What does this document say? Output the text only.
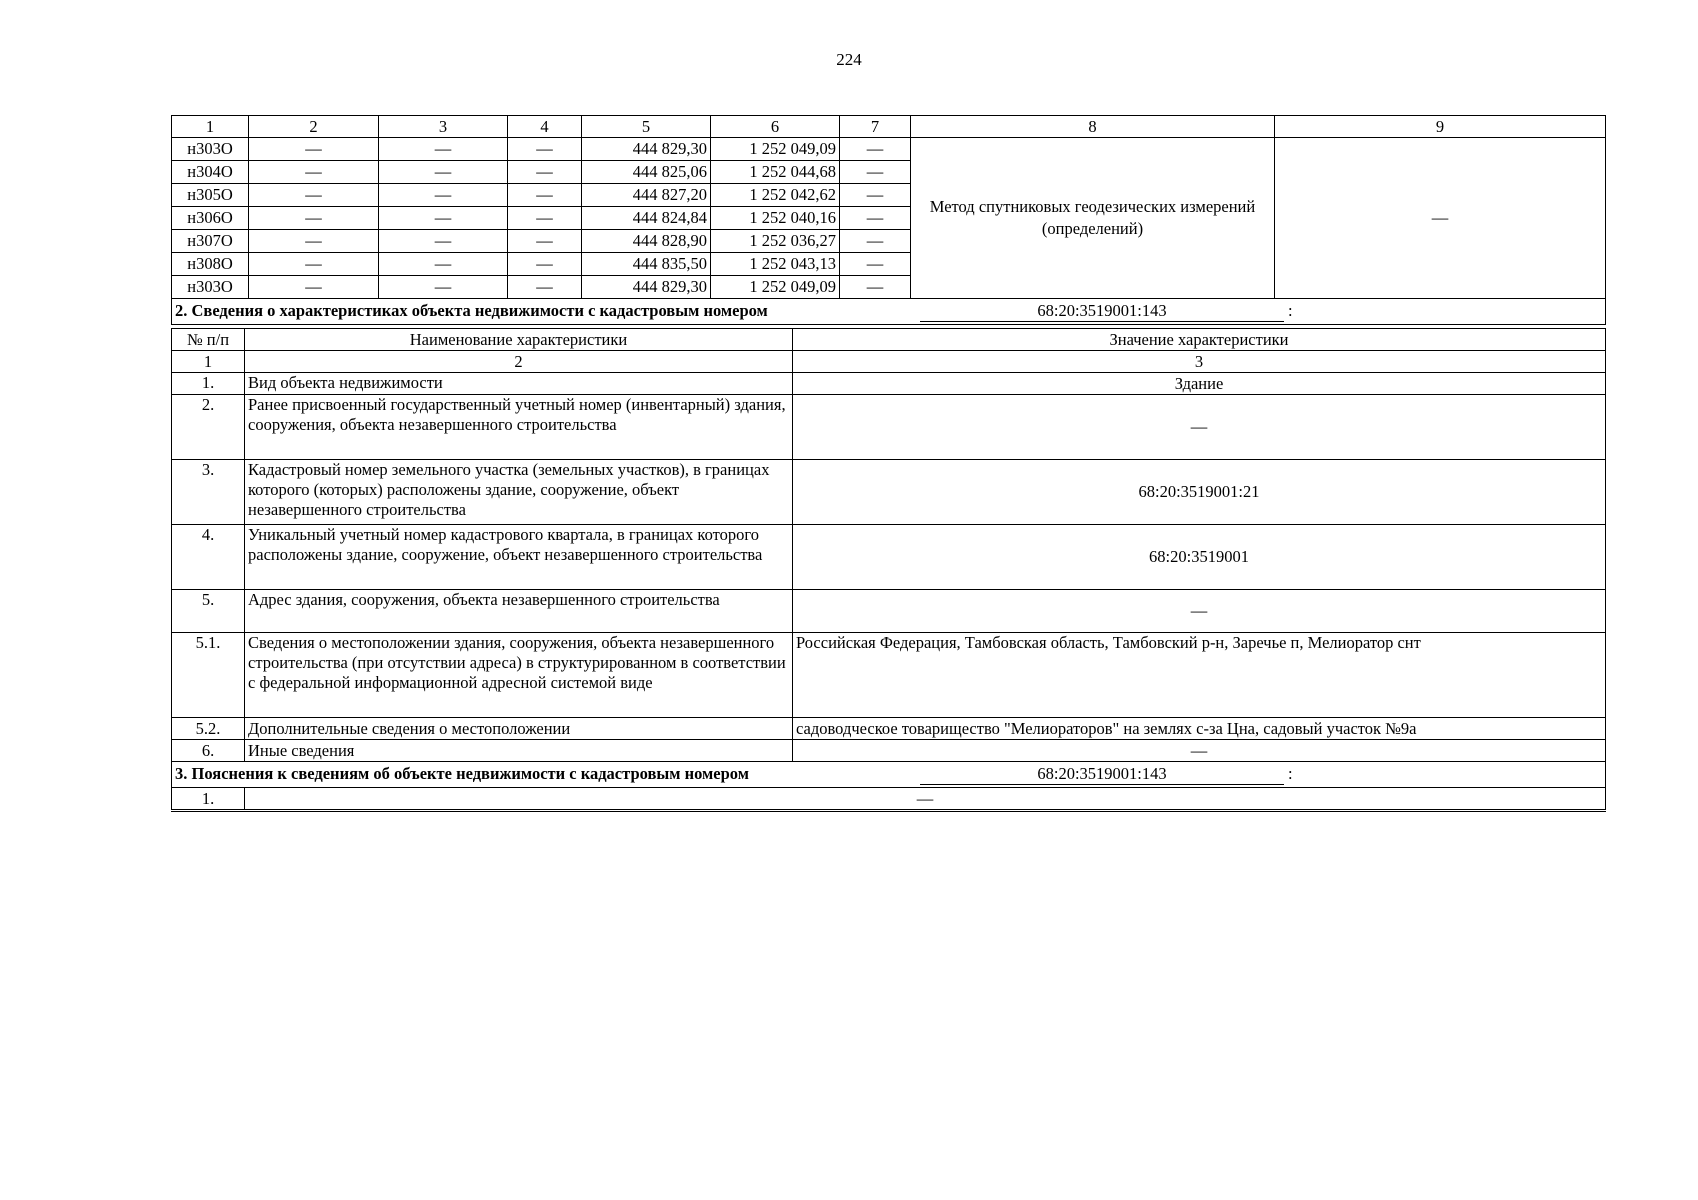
224
1	2	3	4	5	6	7	8	9
н303О	—	—	—	444 829,30	1 252 049,09	—	Метод спутниковых геодезических измерений (определений)	—
н304О	—	—	—	444 825,06	1 252 044,68	—		
н305О	—	—	—	444 827,20	1 252 042,62	—		
н306О	—	—	—	444 824,84	1 252 040,16	—		
н307О	—	—	—	444 828,90	1 252 036,27	—		
н308О	—	—	—	444 835,50	1 252 043,13	—		
н303О	—	—	—	444 829,30	1 252 049,09	—		

2. Сведения о характеристиках объекта недвижимости с кадастровым номером 68:20:3519001:143 :								
№ п/п	Наименование характеристики	Значение характеристики
1	2	3
1.	Вид объекта недвижимости	Здание
2.	Ранее присвоенный государственный учетный номер (инвентарный) здания, сооружения, объекта незавершенного строительства	—
3.	Кадастровый номер земельного участка (земельных участков), в границах которого (которых) расположены здание, сооружение, объект незавершенного строительства	68:20:3519001:21
4.	Уникальный учетный номер кадастрового квартала, в границах которого расположены здание, сооружение, объект незавершенного строительства	68:20:3519001
5.	Адрес здания, сооружения, объекта незавершенного строительства	—
5.1.	Сведения о местоположении здания, сооружения, объекта незавершенного строительства (при отсутствии адреса) в структурированном в соответствии с федеральной информационной адресной системой виде	Российская Федерация, Тамбовская область, Тамбовский р-н, Заречье п, Мелиоратор снт
5.2.	Дополнительные сведения о местоположении	садоводческое товарищество "Мелиораторов" на землях с-за Цна, садовый участок №9а
6.	Иные сведения	—

3. Пояснения к сведениям об объекте недвижимости с кадастровым номером 68:20:3519001:143 :		

1.	—	
